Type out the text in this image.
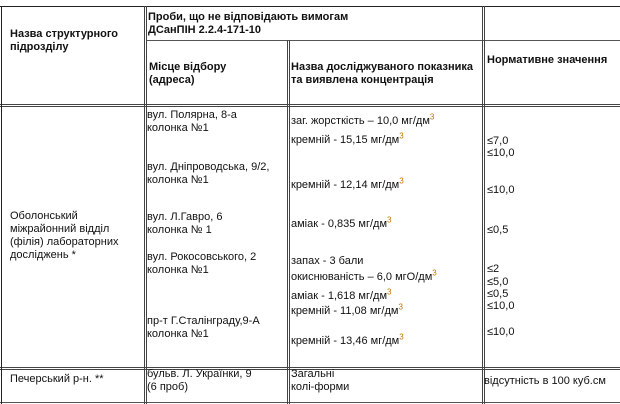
Назва структурного підрозділу
Проби, що не відповідають вимогам
ДСанПІН 2.2.4-171-10
Місце відбору
(адреса)
Назва досліджуваного показника
та виявлена концентрація
Нормативне значення
Оболонський
міжрайонний відділ
(філія) лабораторних
досліджень *
Печерський р-н. **
вул. Полярна, 8-а
колонка №1
вул. Дніпроводська, 9/2,
колонка №1
вул. Л.Гавро, 6
колонка № 1
вул. Рокосовського, 2
колонка №1
пр-т Г.Сталінграду,9-А
колонка №1
бульв. Л. Українки, 9
(6 проб)
заг. жорсткість – 10,0 $мг/дм^3$
кремній - 15,15 $мг/дм^3$
кремній - 12,14 $мг/дм^3$
аміак - 0,835 $мг/дм^3$
запах - 3 бали
окиснюваність – 6,0 мгО/$дм^3$
аміак - 1,618 $мг/дм^3$
кремній - 11,08 $мг/дм^3$
кремній - 13,46 $мг/дм^3$
Загальні
колі-форми
≤7,0
≤10,0
≤10,0
≤0,5
≤2
≤5,0
≤0,5
≤10,0
≤10,0
відсутність в 100 куб.см
